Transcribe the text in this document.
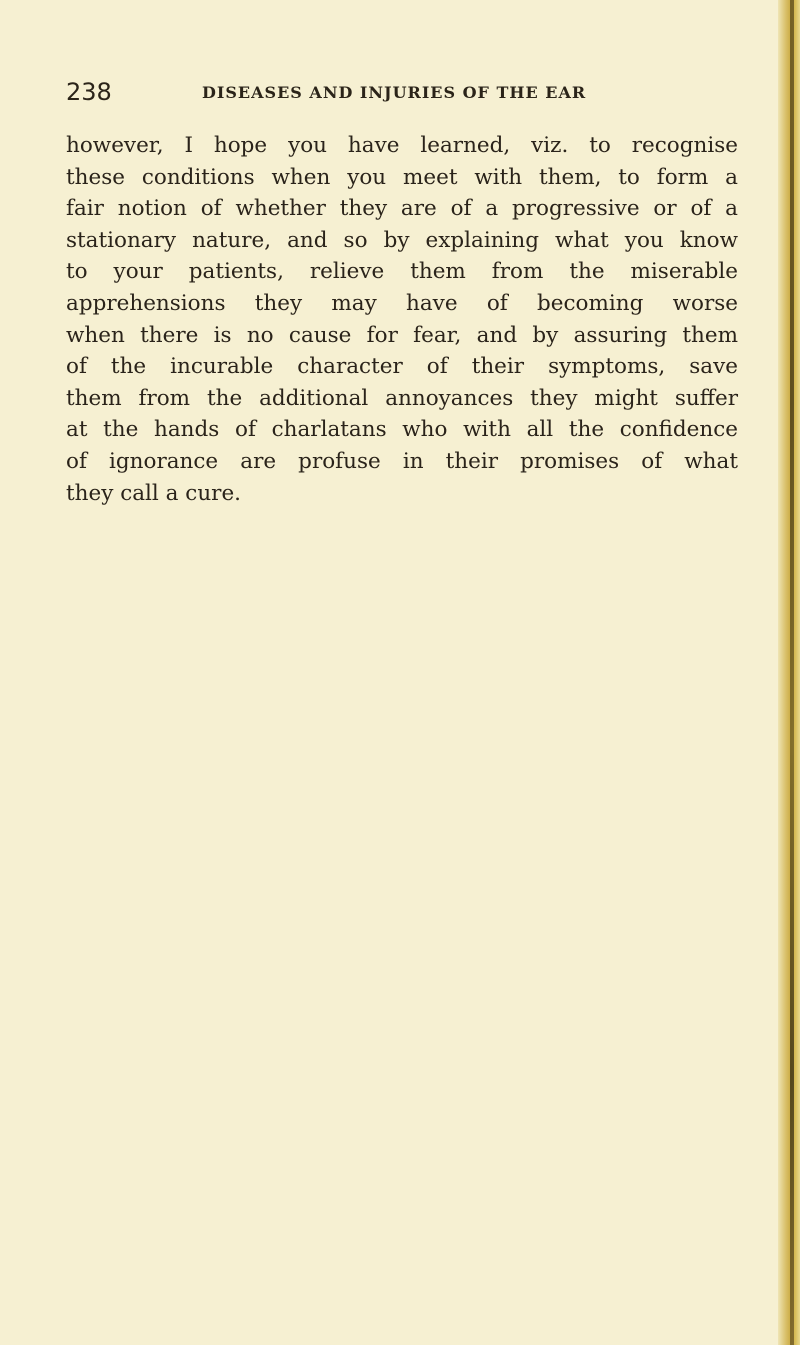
238	DISEASES AND INJURIES OF THE EAR
however, I hope you have learned, viz. to recognise
these conditions when you meet with them, to form a
fair notion of whether they are of a progressive or of a
stationary nature, and so by explaining what you know
to your patients, relieve them from the miserable
apprehensions they may have of becoming worse
when there is no cause for fear, and by assuring them
of the incurable character of their symptoms, save
them from the additional annoyances they might suffer
at the hands of charlatans who with all the confidence
of ignorance are profuse in their promises of what
they call a cure.
